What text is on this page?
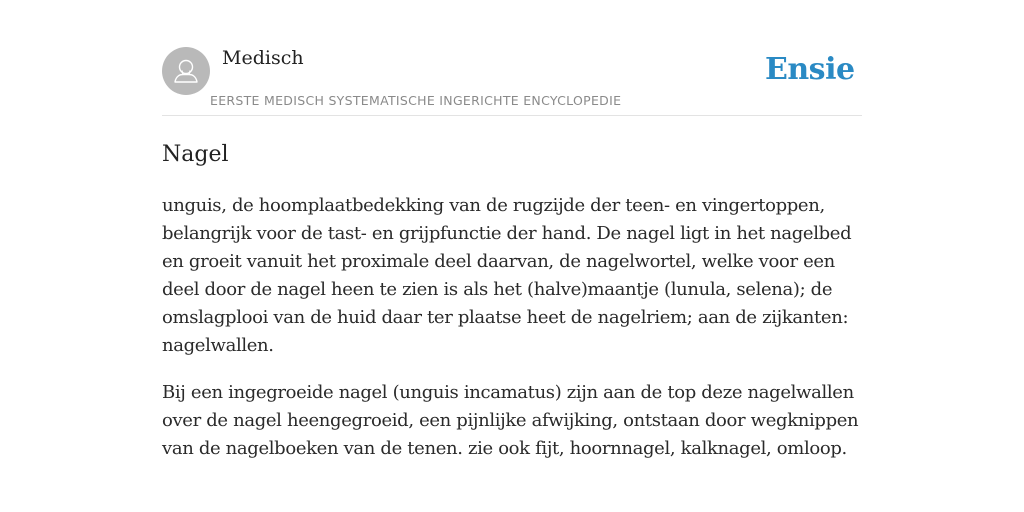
Medisch
EERSTE MEDISCH SYSTEMATISCHE INGERICHTE ENCYCLOPEDIE
Ensie
Nagel

unguis, de hoomplaatbedekking van de rugzijde der teen- en vingertoppen, belangrijk voor de tast- en grijpfunctie der hand. De nagel ligt in het nagelbed en groeit vanuit het proximale deel daarvan, de nagelwortel, welke voor een deel door de nagel heen te zien is als het (halve)maantje (lunula, selena); de omslagplooi van de huid daar ter plaatse heet de nagelriem; aan de zijkanten: nagelwallen.

Bij een ingegroeide nagel (unguis incamatus) zijn aan de top deze nagelwallen over de nagel heengegroeid, een pijnlijke afwijking, ontstaan door wegknippen van de nagelboeken van de tenen. zie ook fijt, hoornnagel, kalknagel, omloop.
